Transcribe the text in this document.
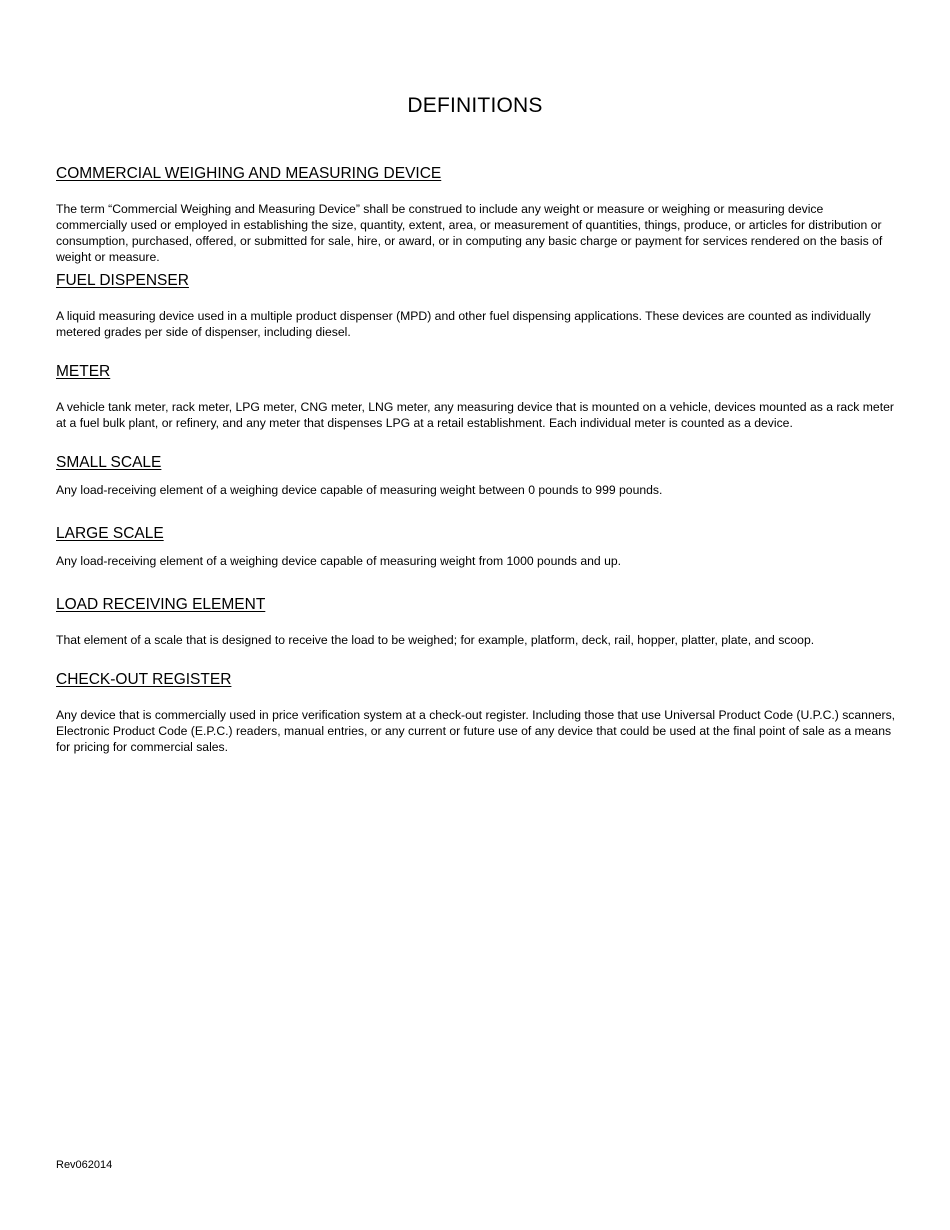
DEFINITIONS
COMMERCIAL WEIGHING AND MEASURING DEVICE

The term “Commercial Weighing and Measuring Device” shall be construed to include any weight or measure or weighing or measuring device commercially used or employed in establishing the size, quantity, extent, area, or measurement of quantities, things, produce, or articles for distribution or consumption, purchased, offered, or submitted for sale, hire, or award, or in computing any basic charge or payment for services rendered on the basis of weight or measure.

FUEL DISPENSER

A liquid measuring device used in a multiple product dispenser (MPD) and other fuel dispensing applications. These devices are counted as individually metered grades per side of dispenser, including diesel.

METER

A vehicle tank meter, rack meter, LPG meter, CNG meter, LNG meter, any measuring device that is mounted on a vehicle, devices mounted as a rack meter at a fuel bulk plant, or refinery, and any meter that dispenses LPG at a retail establishment. Each individual meter is counted as a device.

SMALL SCALE

Any load-receiving element of a weighing device capable of measuring weight between 0 pounds to 999 pounds.

LARGE SCALE

Any load-receiving element of a weighing device capable of measuring weight from 1000 pounds and up.

LOAD RECEIVING ELEMENT

That element of a scale that is designed to receive the load to be weighed; for example, platform, deck, rail, hopper, platter, plate, and scoop.

CHECK-OUT REGISTER

Any device that is commercially used in price verification system at a check-out register. Including those that use Universal Product Code (U.P.C.) scanners, Electronic Product Code (E.P.C.) readers, manual entries, or any current or future use of any device that could be used at the final point of sale as a means for pricing for commercial sales.

Rev062014
